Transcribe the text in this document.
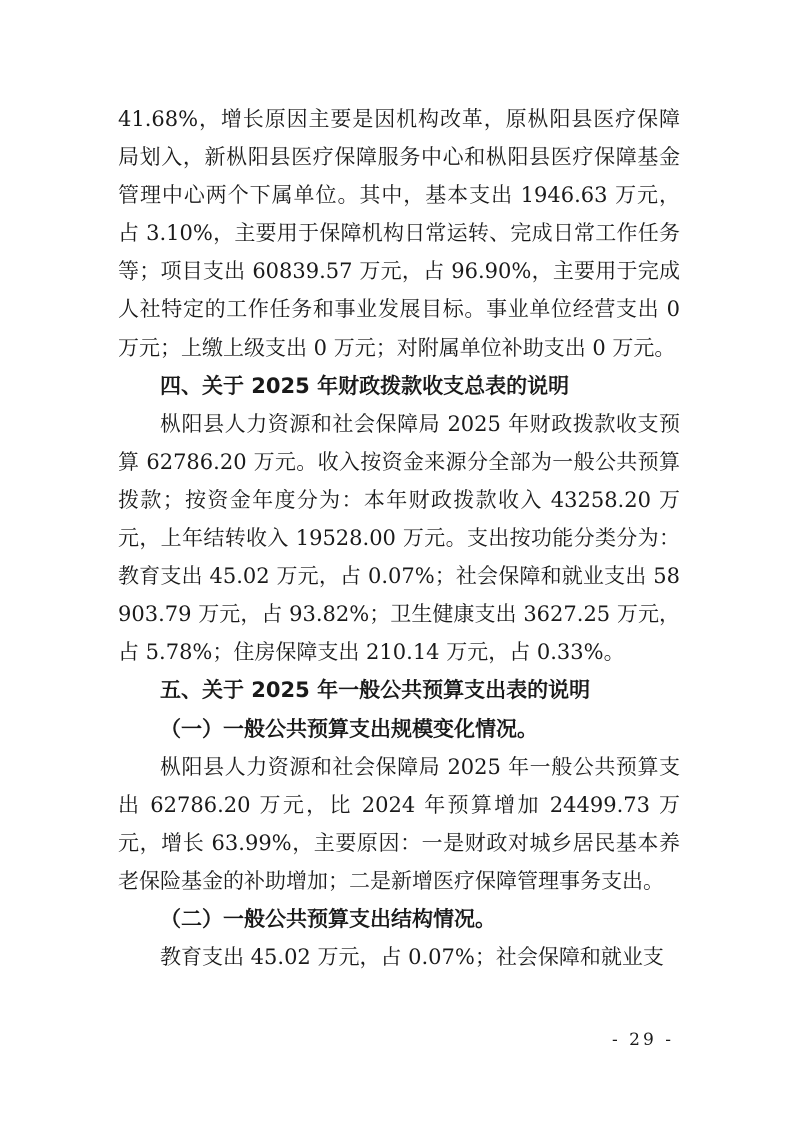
41.68%，增长原因主要是因机构改革，原枞阳县医疗保障局划入，新枞阳县医疗保障服务中心和枞阳县医疗保障基金管理中心两个下属单位。其中，基本支出 1946.63 万元，占 3.10%，主要用于保障机构日常运转、完成日常工作任务等；项目支出 60839.57 万元，占 96.90%，主要用于完成人社特定的工作任务和事业发展目标。事业单位经营支出 0 万元；上缴上级支出 0 万元；对附属单位补助支出 0 万元。

四、关于 2025 年财政拨款收支总表的说明

枞阳县人力资源和社会保障局 2025 年财政拨款收支预算 62786.20 万元。收入按资金来源分全部为一般公共预算拨款；按资金年度分为：本年财政拨款收入 43258.20 万元，上年结转收入 19528.00 万元。支出按功能分类分为：教育支出 45.02 万元，占 0.07%；社会保障和就业支出 58903.79 万元，占 93.82%；卫生健康支出 3627.25 万元，占 5.78%；住房保障支出 210.14 万元，占 0.33%。

五、关于 2025 年一般公共预算支出表的说明

（一）一般公共预算支出规模变化情况。

枞阳县人力资源和社会保障局 2025 年一般公共预算支出 62786.20 万元，比 2024 年预算增加 24499.73 万元，增长 63.99%，主要原因：一是财政对城乡居民基本养老保险基金的补助增加；二是新增医疗保障管理事务支出。

（二）一般公共预算支出结构情况。

教育支出 45.02 万元，占 0.07%；社会保障和就业支

- 29 -
